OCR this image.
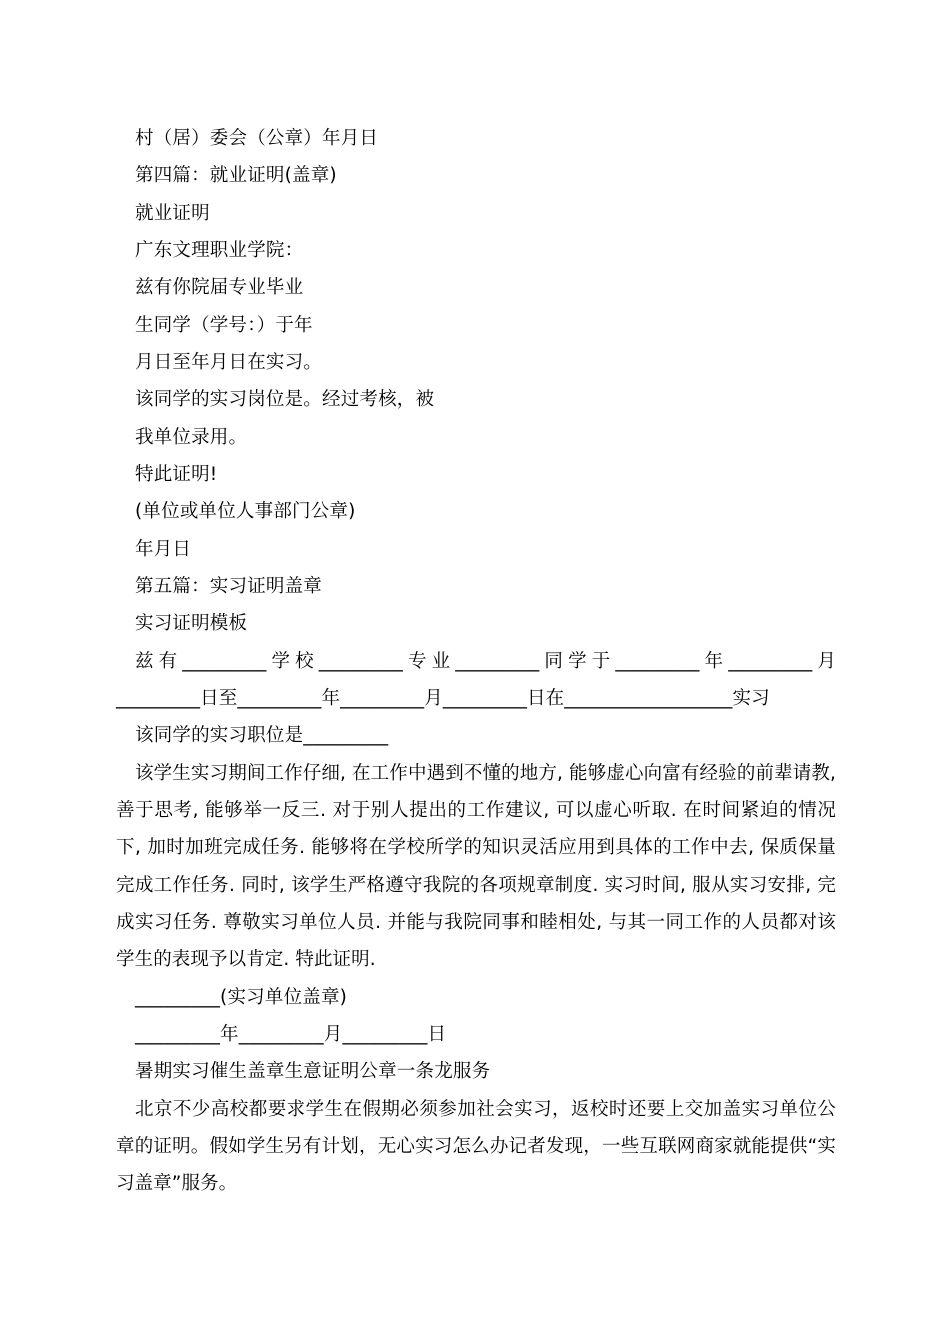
村（居）委会（公章）年月日
第四篇：就业证明(盖章)
就业证明
广东文理职业学院：
兹有你院届专业毕业
生同学（学号：）于年
月日至年月日在实习。
该同学的实习岗位是。经过考核，被
我单位录用。
特此证明!
(单位或单位人事部门公章)
年月日
第五篇：实习证明盖章
实习证明模板
兹有_________学校_________专业_________同学于_________年_________月_________日至_________年_________月_________日在__________________实习
该同学的实习职位是_________
该学生实习期间工作仔细, 在工作中遇到不懂的地方, 能够虚心向富有经验的前辈请教, 善于思考, 能够举一反三. 对于别人提出的工作建议, 可以虚心听取. 在时间紧迫的情况下, 加时加班完成任务. 能够将在学校所学的知识灵活应用到具体的工作中去, 保质保量完成工作任务. 同时, 该学生严格遵守我院的各项规章制度. 实习时间, 服从实习安排, 完成实习任务. 尊敬实习单位人员. 并能与我院同事和睦相处, 与其一同工作的人员都对该学生的表现予以肯定. 特此证明.
_________(实习单位盖章)
_________年_________月_________日
暑期实习催生盖章生意证明公章一条龙服务
北京不少高校都要求学生在假期必须参加社会实习，返校时还要上交加盖实习单位公章的证明。假如学生另有计划，无心实习怎么办记者发现，一些互联网商家就能提供“实习盖章”服务。
